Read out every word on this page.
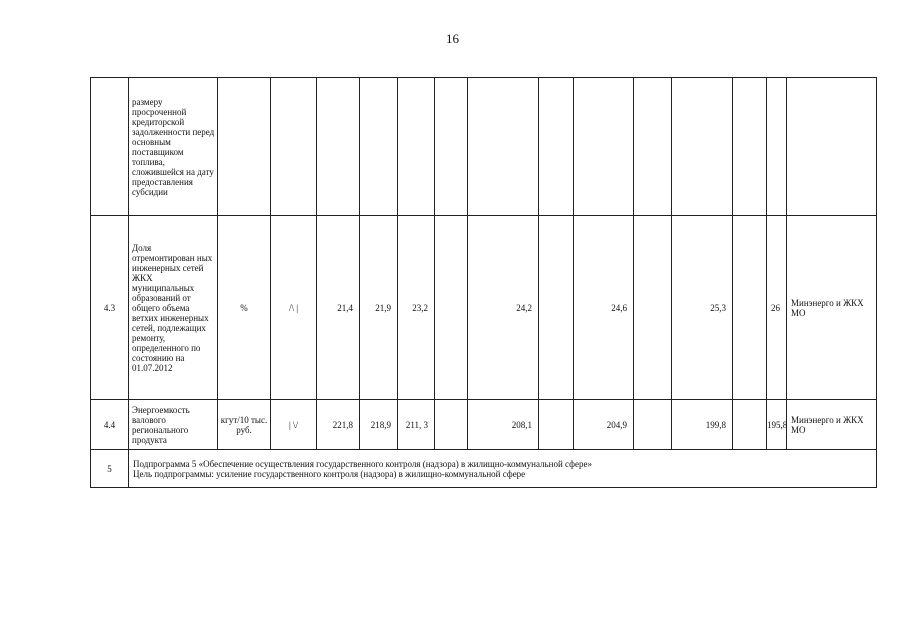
16
	размеру просроченной кредиторской задолженности перед основным поставщиком топлива, сложившейся на дату предоставления субсидии														
4.3	Доля отремонтирован ных инженерных сетей ЖКХ муниципальных образований от общего объема ветхих инженерных сетей, подлежащих ремонту, определенного по состоянию на 01.07.2012	%	/\ |	21,4	21,9	23,2		24,2		24,6		25,3		26	Минэнерго и ЖКХ МО
4.4	Энергоемкость валового регионального продукта	кгут/10 тыс. руб.	| \/	221,8	218,9	211, 3		208,1		204,9		199,8		195,8	Минэнерго и ЖКХ МО
5	Подпрограмма 5 «Обеспечение осуществления государственного контроля (надзора) в жилищно-коммунальной сфере»
Цель подпрограммы: усиление государственного контроля (надзора) в жилищно-коммунальной сфере														
